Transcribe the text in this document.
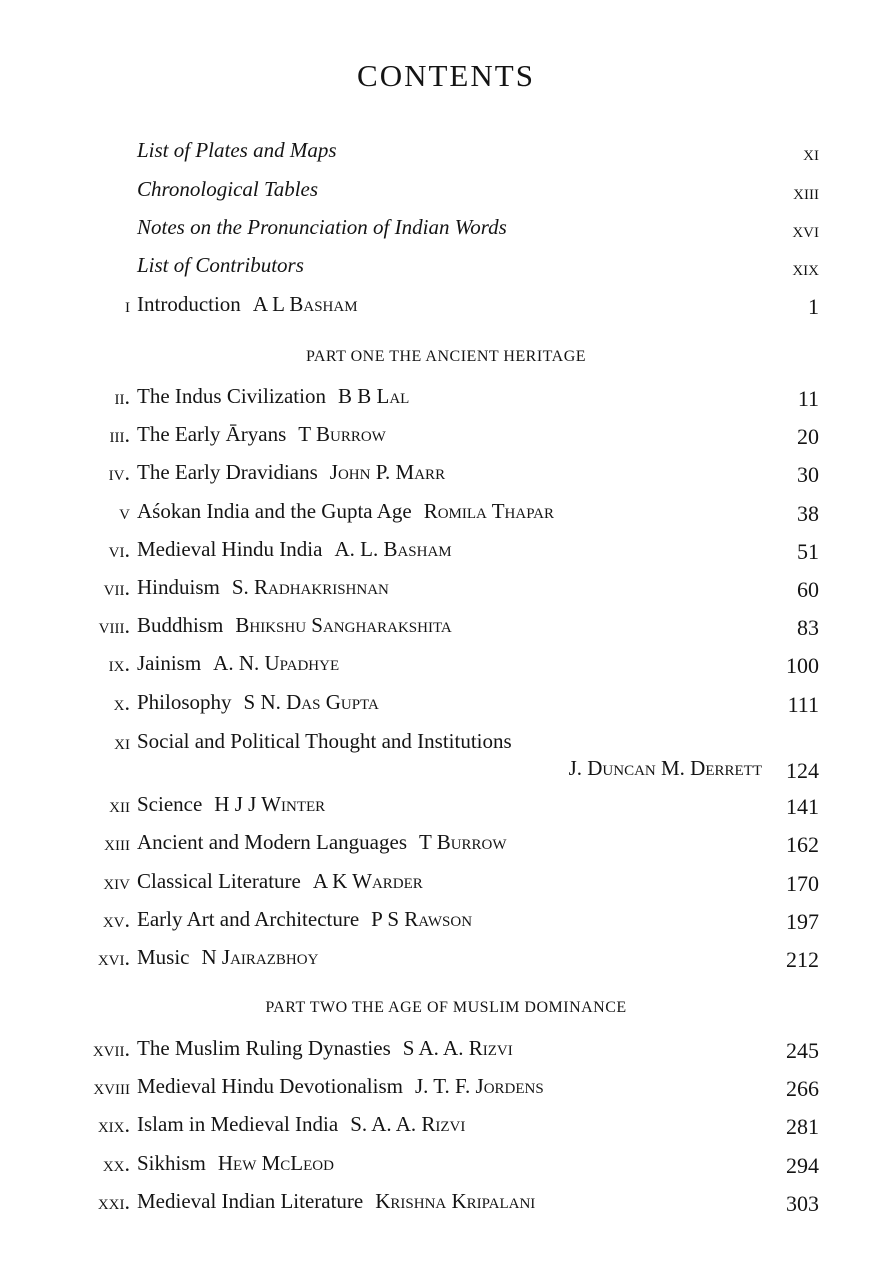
CONTENTS
List of Plates and Maps	xi
Chronological Tables	xiii
Notes on the Pronunciation of Indian Words	xvi
List of Contributors	xix
i Introduction A L Basham	1
PART ONE THE ANCIENT HERITAGE
ii. The Indus Civilization B B Lal	11
iii. The Early Āryans T Burrow	20
iv. The Early Dravidians John P. Marr	30
v Aśokan India and the Gupta Age Romila Thapar	38
vi. Medieval Hindu India A. L. Basham	51
vii. Hinduism S. Radhakrishnan	60
viii. Buddhism Bhikshu Sangharakshita	83
ix. Jainism A. N. Upadhye	100
x. Philosophy S N. Das Gupta	111
xi Social and Political Thought and Institutions
J. Duncan M. Derrett 124
xii Science H J J Winter	141
xiii Ancient and Modern Languages T Burrow	162
xiv Classical Literature A K Warder	170
xv. Early Art and Architecture P S Rawson	197
xvi. Music N Jairazbhoy	212
PART TWO THE AGE OF MUSLIM DOMINANCE
xvii. The Muslim Ruling Dynasties S A. A. Rizvi	245
xviii Medieval Hindu Devotionalism J. T. F. Jordens	266
xix. Islam in Medieval India S. A. A. Rizvi	281
xx. Sikhism Hew McLeod	294
xxi. Medieval Indian Literature Krishna Kripalani	303
